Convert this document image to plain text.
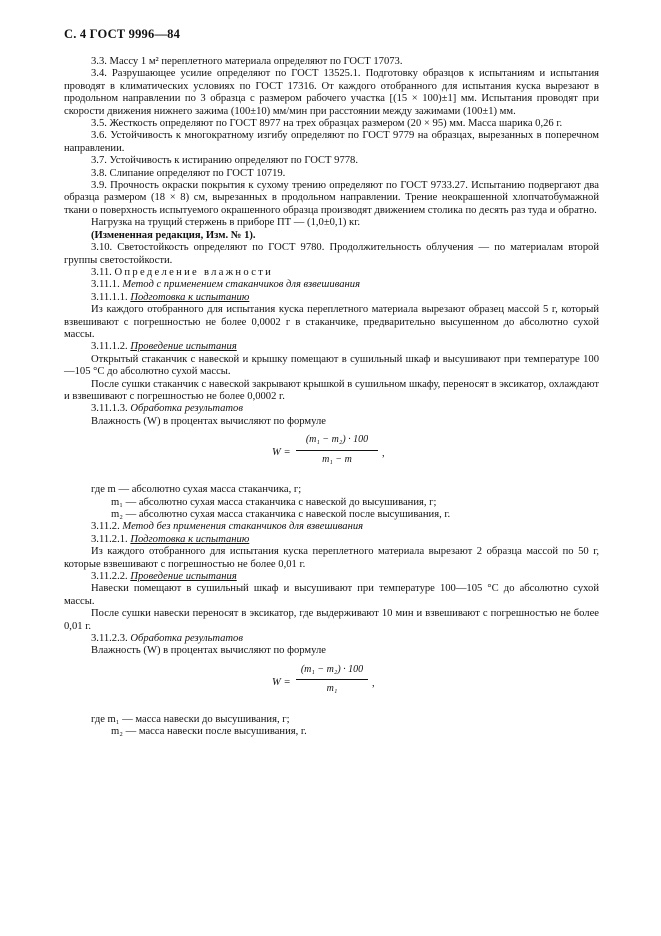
С. 4 ГОСТ 9996—84

3.3. Массу 1 м² переплетного материала определяют по ГОСТ 17073.

3.4. Разрушающее усилие определяют по ГОСТ 13525.1. Подготовку образцов к испытаниям и испытания проводят в климатических условиях по ГОСТ 17316. От каждого отобранного для испытания куска вырезают в продольном направлении по 3 образца с размером рабочего участка [(15 × 100)±1] мм. Испытания проводят при скорости движения нижнего зажима (100±10) мм/мин при расстоянии между зажимами (100±1) мм.

3.5. Жесткость определяют по ГОСТ 8977 на трех образцах размером (20 × 95) мм. Масса шарика 0,26 г.

3.6. Устойчивость к многократному изгибу определяют по ГОСТ 9779 на образцах, вырезанных в поперечном направлении.

3.7. Устойчивость к истиранию определяют по ГОСТ 9778.

3.8. Слипание определяют по ГОСТ 10719.

3.9. Прочность окраски покрытия к сухому трению определяют по ГОСТ 9733.27. Испытанию подвергают два образца размером (18 × 8) см, вырезанных в продольном направлении. Трение неокрашенной хлопчатобумажной ткани о поверхность испытуемого окрашенного образца производят движением столика по десять раз туда и обратно.

Нагрузка на трущий стержень в приборе ПТ — (1,0±0,1) кг.

(Измененная редакция, Изм. № 1).

3.10. Светостойкость определяют по ГОСТ 9780. Продолжительность облучения — по материалам второй группы светостойкости.

3.11. Определение влажности

3.11.1. Метод с применением стаканчиков для взвешивания

3.11.1.1. Подготовка к испытанию

Из каждого отобранного для испытания куска переплетного материала вырезают образец массой 5 г, который взвешивают с погрешностью не более 0,0002 г в стаканчике, предварительно высушенном до абсолютно сухой массы.

3.11.1.2. Проведение испытания

Открытый стаканчик с навеской и крышку помещают в сушильный шкаф и высушивают при температуре 100—105 °С до абсолютно сухой массы.

После сушки стаканчик с навеской закрывают крышкой в сушильном шкафу, переносят в эксикатор, охлаждают и взвешивают с погрешностью не более 0,0002 г.

3.11.1.3. Обработка результатов

Влажность (W) в процентах вычисляют по формуле

W =
(m₁ − m₂) · 100
m₁ − m	,

где m — абсолютно сухая масса стаканчика, г;

m₁ — абсолютно сухая масса стаканчика с навеской до высушивания, г;

m₂ — абсолютно сухая масса стаканчика с навеской после высушивания, г.

3.11.2. Метод без применения стаканчиков для взвешивания

3.11.2.1. Подготовка к испытанию

Из каждого отобранного для испытания куска переплетного материала вырезают 2 образца массой по 50 г, которые взвешивают с погрешностью не более 0,01 г.

3.11.2.2. Проведение испытания

Навески помещают в сушильный шкаф и высушивают при температуре 100—105 °С до абсолютно сухой массы.

После сушки навески переносят в эксикатор, где выдерживают 10 мин и взвешивают с погрешностью не более 0,01 г.

3.11.2.3. Обработка результатов

Влажность (W) в процентах вычисляют по формуле

W =
(m₁ − m₂) · 100
m₁	,

где m₁ — масса навески до высушивания, г;

m₂ — масса навески после высушивания, г.
